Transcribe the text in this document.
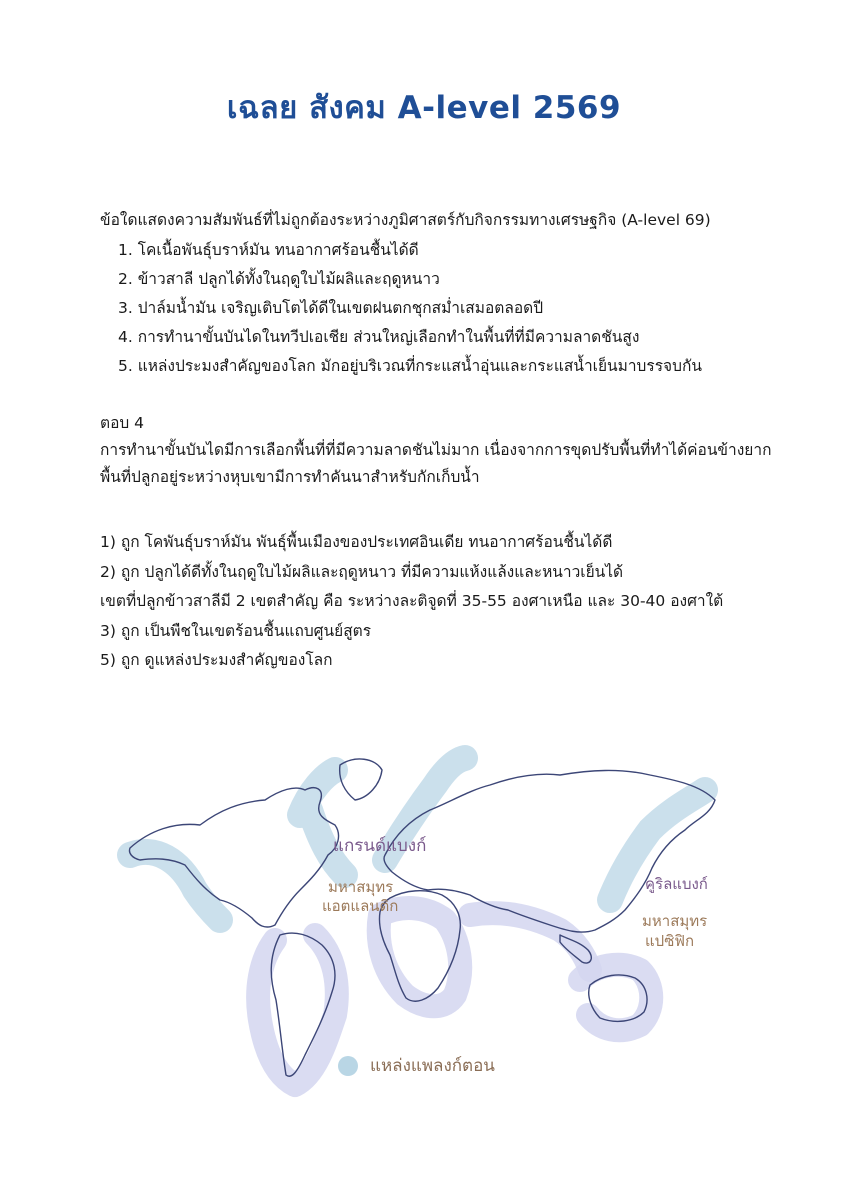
เฉลย สังคม A-level 2569
ข้อใดแสดงความสัมพันธ์ที่ไม่ถูกต้องระหว่างภูมิศาสตร์กับกิจกรรมทางเศรษฐกิจ (A-level 69)
1. โคเนื้อพันธุ์บราห์มัน ทนอากาศร้อนชื้นได้ดี
2. ข้าวสาลี ปลูกได้ทั้งในฤดูใบไม้ผลิและฤดูหนาว
3. ปาล์มน้ำมัน เจริญเติบโตได้ดีในเขตฝนตกชุกสม่ำเสมอตลอดปี
4. การทำนาขั้นบันไดในทวีปเอเชีย ส่วนใหญ่เลือกทำในพื้นที่ที่มีความลาดชันสูง
5. แหล่งประมงสำคัญของโลก มักอยู่บริเวณที่กระแสน้ำอุ่นและกระแสน้ำเย็นมาบรรจบกัน

ตอบ 4

การทำนาขั้นบันไดมีการเลือกพื้นที่ที่มีความลาดชันไม่มาก เนื่องจากการขุดปรับพื้นที่ทำได้ค่อนข้างยาก

พื้นที่ปลูกอยู่ระหว่างหุบเขามีการทำคันนาสำหรับกักเก็บน้ำ

1) ถูก โคพันธุ์บราห์มัน พันธุ์พื้นเมืองของประเทศอินเดีย ทนอากาศร้อนชื้นได้ดี

2) ถูก ปลูกได้ดีทั้งในฤดูใบไม้ผลิและฤดูหนาว ที่มีความแห้งแล้งและหนาวเย็นได้

เขตที่ปลูกข้าวสาลีมี 2 เขตสำคัญ คือ ระหว่างละติจูดที่ 35-55 องศาเหนือ และ 30-40 องศาใต้

3) ถูก เป็นพืชในเขตร้อนชื้นแถบศูนย์สูตร

5) ถูก ดูแหล่งประมงสำคัญของโลก

แกรนด์แบงก์
มหาสมุทร
แอตแลนติก
คูริลแบงก์
มหาสมุทร
แปซิฟิก
แหล่งแพลงก์ตอน
